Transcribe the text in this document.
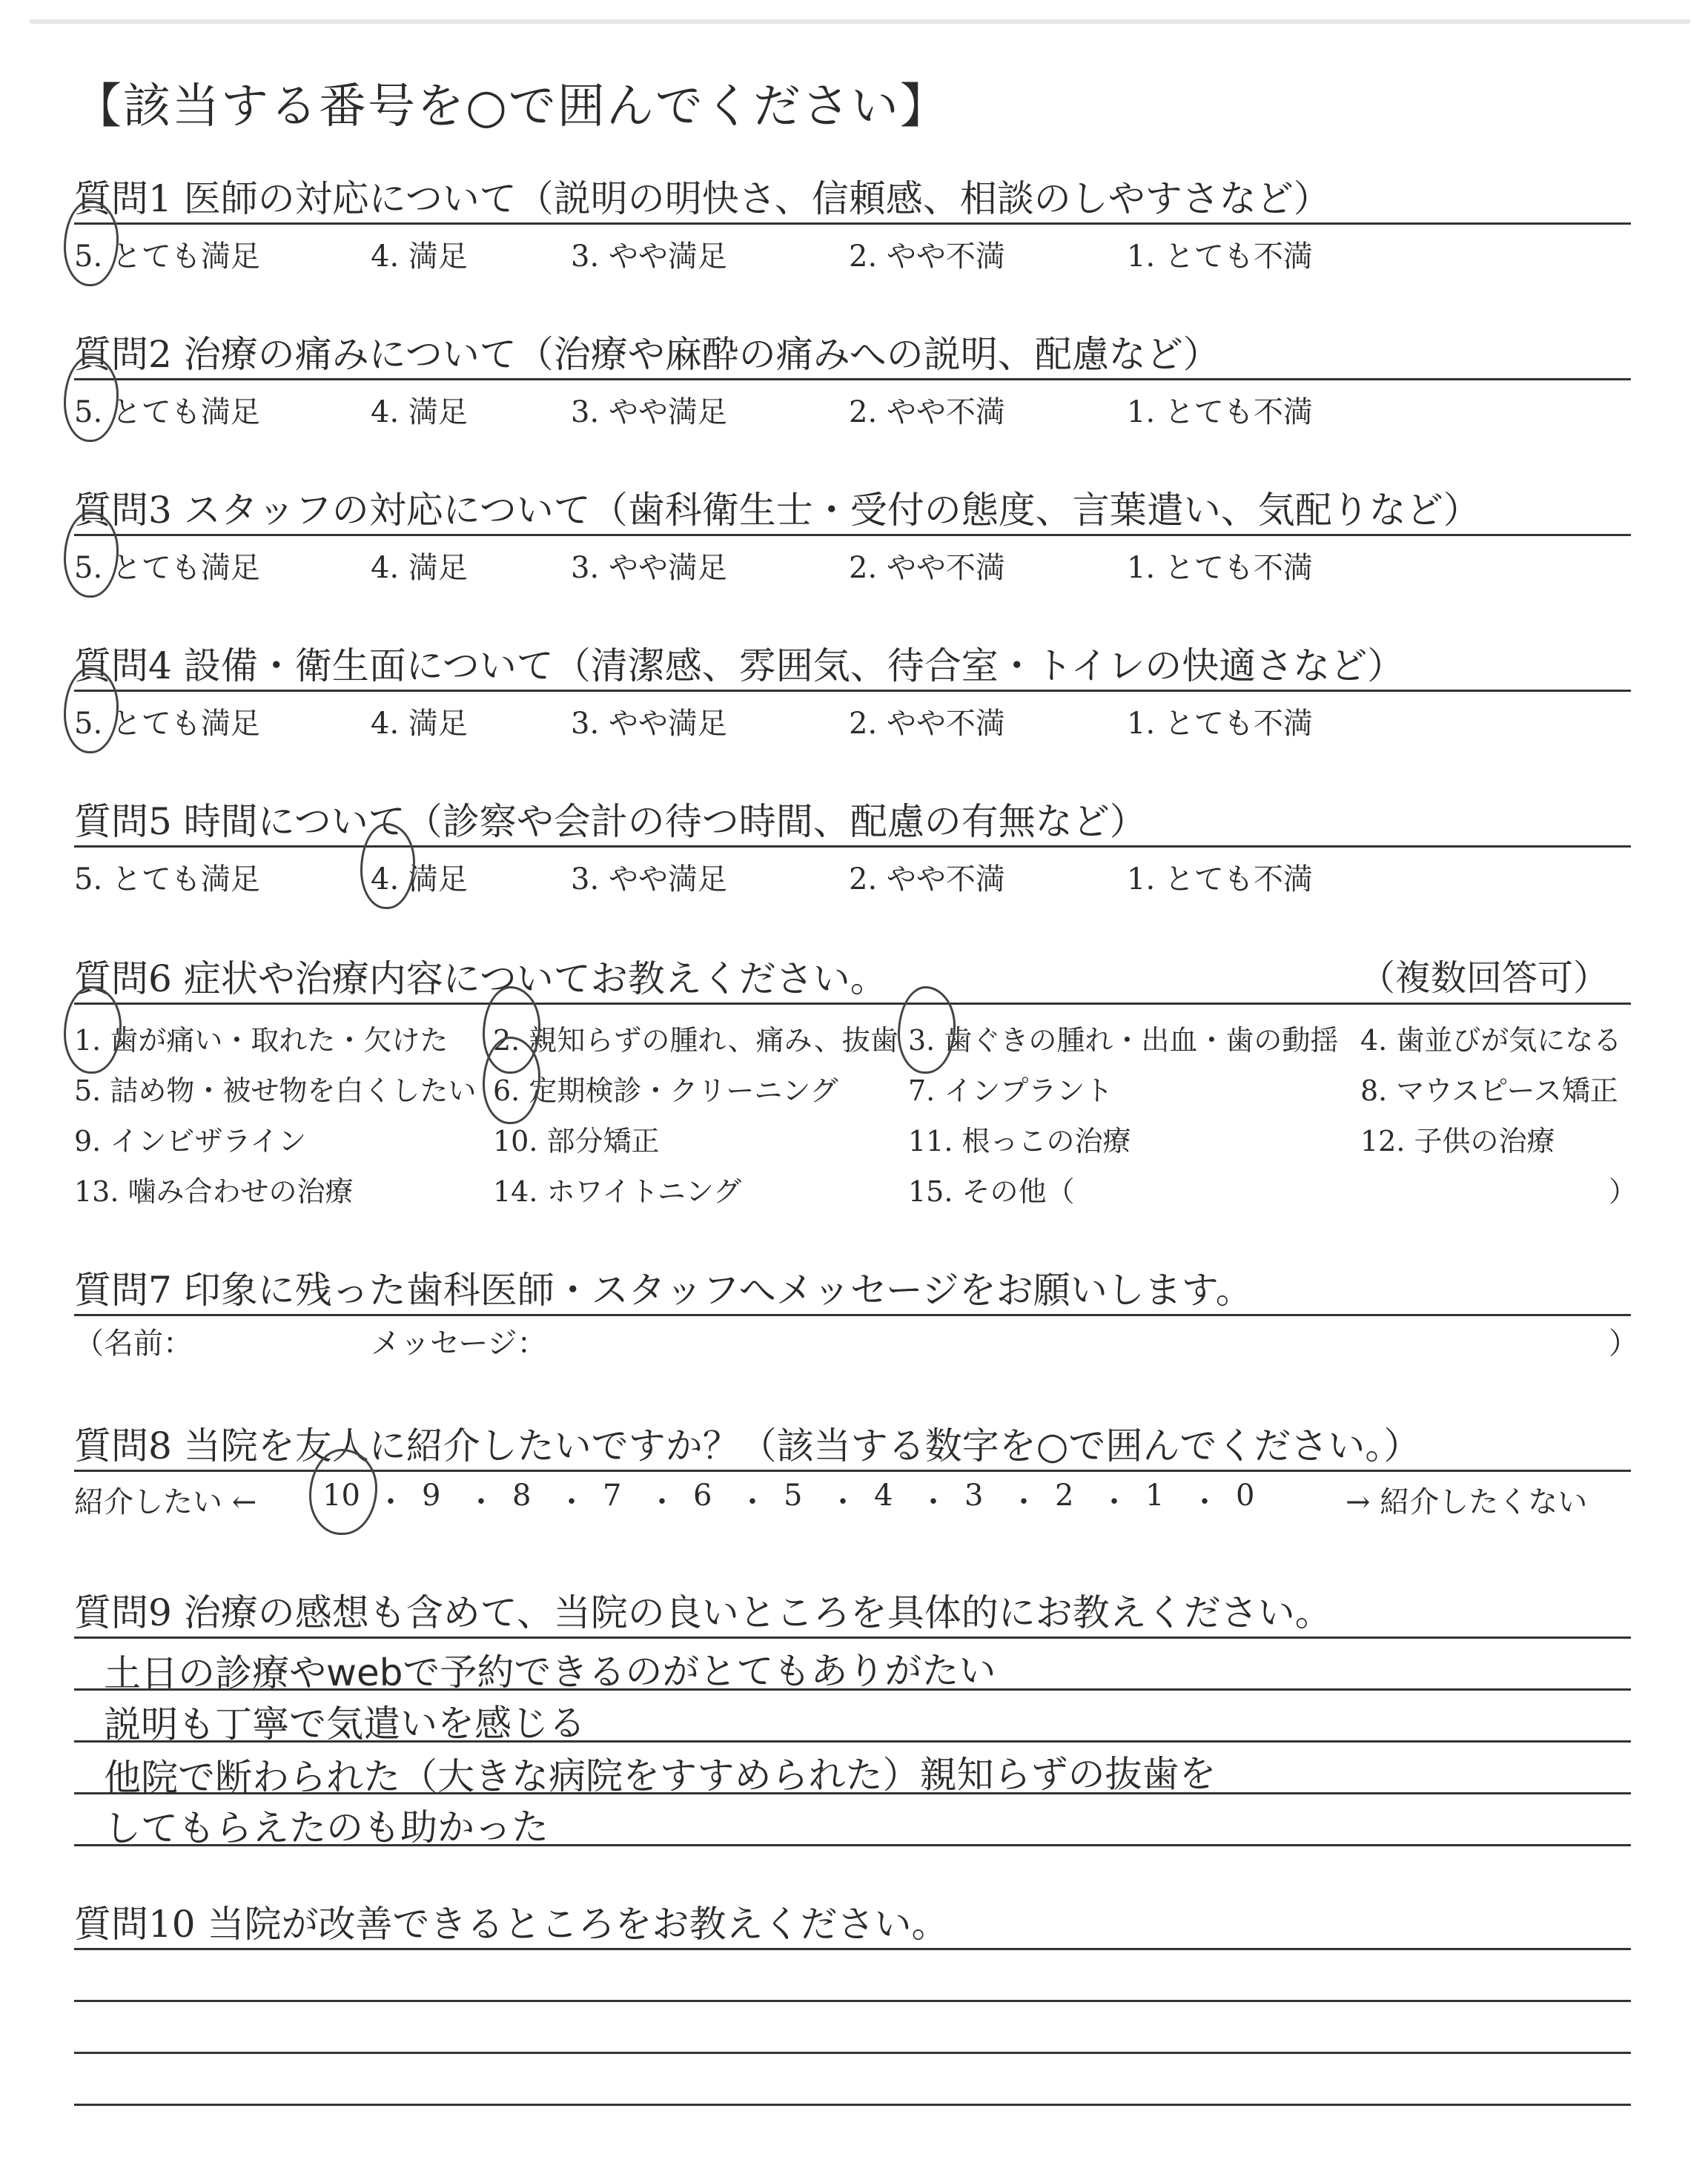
【該当する番号を○で囲んでください】
質問1 医師の対応について（説明の明快さ、信頼感、相談のしやすさなど）
5. とても満足	4. 満足	3. やや満足	2. やや不満	1. とても不満
質問2 治療の痛みについて（治療や麻酔の痛みへの説明、配慮など）
5. とても満足	4. 満足	3. やや満足	2. やや不満	1. とても不満
質問3 スタッフの対応について（歯科衛生士・受付の態度、言葉遣い、気配りなど）
5. とても満足	4. 満足	3. やや満足	2. やや不満	1. とても不満
質問4 設備・衛生面について（清潔感、雰囲気、待合室・トイレの快適さなど）
5. とても満足	4. 満足	3. やや満足	2. やや不満	1. とても不満
質問5 時間について（診察や会計の待つ時間、配慮の有無など）
5. とても満足	4. 満足	3. やや満足	2. やや不満	1. とても不満
質問6 症状や治療内容についてお教えください。	（複数回答可）
1. 歯が痛い・取れた・欠けた 2. 親知らずの腫れ、痛み、抜歯 3. 歯ぐきの腫れ・出血・歯の動揺 4. 歯並びが気になる
5. 詰め物・被せ物を白くしたい 6. 定期検診・クリーニング 7. インプラント	8. マウスピース矯正
9. インビザライン	10. 部分矯正	11. 根っこの治療	12. 子供の治療
13. 噛み合わせの治療	14. ホワイトニング	15. その他（	）
質問7 印象に残った歯科医師・スタッフへメッセージをお願いします。
（名前：	メッセージ：	）
質問8 当院を友人に紹介したいですか？（該当する数字を○で囲んでください。）
紹介したい ←	→ 紹介したくない
10 ・ 9 ・ 8 ・ 7 ・ 6 ・ 5 ・ 4 ・ 3 ・ 2 ・ 1 ・ 0
質問9 治療の感想も含めて、当院の良いところを具体的にお教えください。
土日の診療やwebで予約できるのがとてもありがたい
説明も丁寧で気遣いを感じる
他院で断わられた（大きな病院をすすめられた）親知らずの抜歯を
してもらえたのも助かった
質問10 当院が改善できるところをお教えください。
